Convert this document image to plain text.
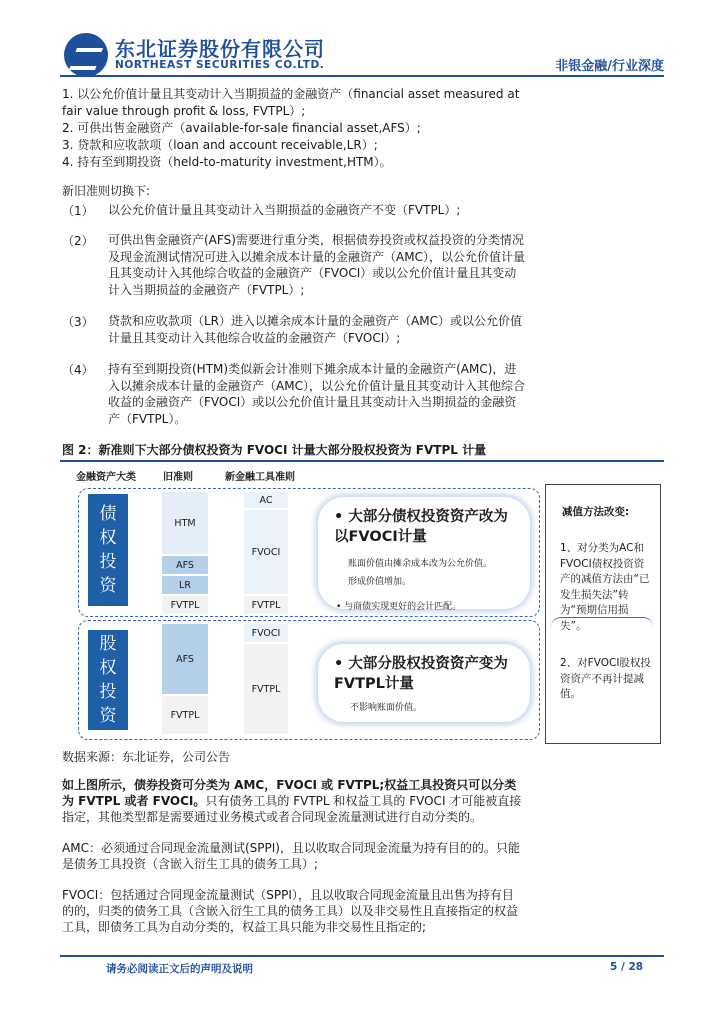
东北证券股份有限公司
NORTHEAST SECURITIES CO.LTD.	非银金融/行业深度
1. 以公允价值计量且其变动计入当期损益的金融资产（financial asset measured at
fair value through profit & loss, FVTPL）;
2. 可供出售金融资产（available-for-sale financial asset,AFS）;
3. 贷款和应收款项（loan and account receivable,LR）;
4. 持有至到期投资（held-to-maturity investment,HTM）。
新旧准则切换下:
（1） 以公允价值计量且其变动计入当期损益的金融资产不变（FVTPL）;
（2） 可供出售金融资产(AFS)需要进行重分类，根据债券投资或权益投资的分类情况及现金流测试情况可进入以摊余成本计量的金融资产（AMC），以公允价值计量且其变动计入其他综合收益的金融资产（FVOCI）或以公允价值计量且其变动计入当期损益的金融资产（FVTPL）;
（3） 贷款和应收款项（LR）进入以摊余成本计量的金融资产（AMC）或以公允价值计量且其变动计入其他综合收益的金融资产（FVOCI）;
（4） 持有至到期投资(HTM)类似新会计准则下摊余成本计量的金融资产(AMC)，进入以摊余成本计量的金融资产（AMC），以公允价值计量且其变动计入其他综合收益的金融资产（FVOCI）或以公允价值计量且其变动计入当期损益的金融资产（FVTPL）。
图 2：新准则下大部分债权投资为 FVOCI 计量大部分股权投资为 FVTPL 计量
金融资产大类	旧准则	新金融工具准则
债权投资
HTM
AFS
LR
FVTPL
AC
FVOCI
FVTPL
• 大部分债权投资资产改为以FVOCI计量
账面价值由摊余成本改为公允价值。
形成价值增加。
• 与商债实现更好的会计匹配。
股权投资
AFS
FVTPL
FVOCI
FVTPL
• 大部分股权投资资产变为FVTPL计量
不影响账面价值。
减值方法改变:
1、对分类为AC和FVOCI债权投资资产的减值方法由“已发生损失法”转为“预期信用损失”。
2、对FVOCI股权投资资产不再计提减值。
数据来源：东北证券，公司公告
如上图所示，债券投资可分类为 AMC，FVOCI 或 FVTPL;权益工具投资只可以分类为 FVTPL 或者 FVOCI。只有债务工具的 FVTPL 和权益工具的 FVOCI 才可能被直接指定，其他类型都是需要通过业务模式或者合同现金流量测试进行自动分类的。
AMC：必须通过合同现金流量测试(SPPI)，且以收取合同现金流量为持有目的的。只能是债务工具投资（含嵌入衍生工具的债务工具）;
FVOCI：包括通过合同现金流量测试（SPPI），且以收取合同现金流量且出售为持有目的的，归类的债务工具（含嵌入衍生工具的债务工具）以及非交易性且直接指定的权益工具，即债务工具为自动分类的，权益工具只能为非交易性且指定的;
请务必阅读正文后的声明及说明	5 / 28
